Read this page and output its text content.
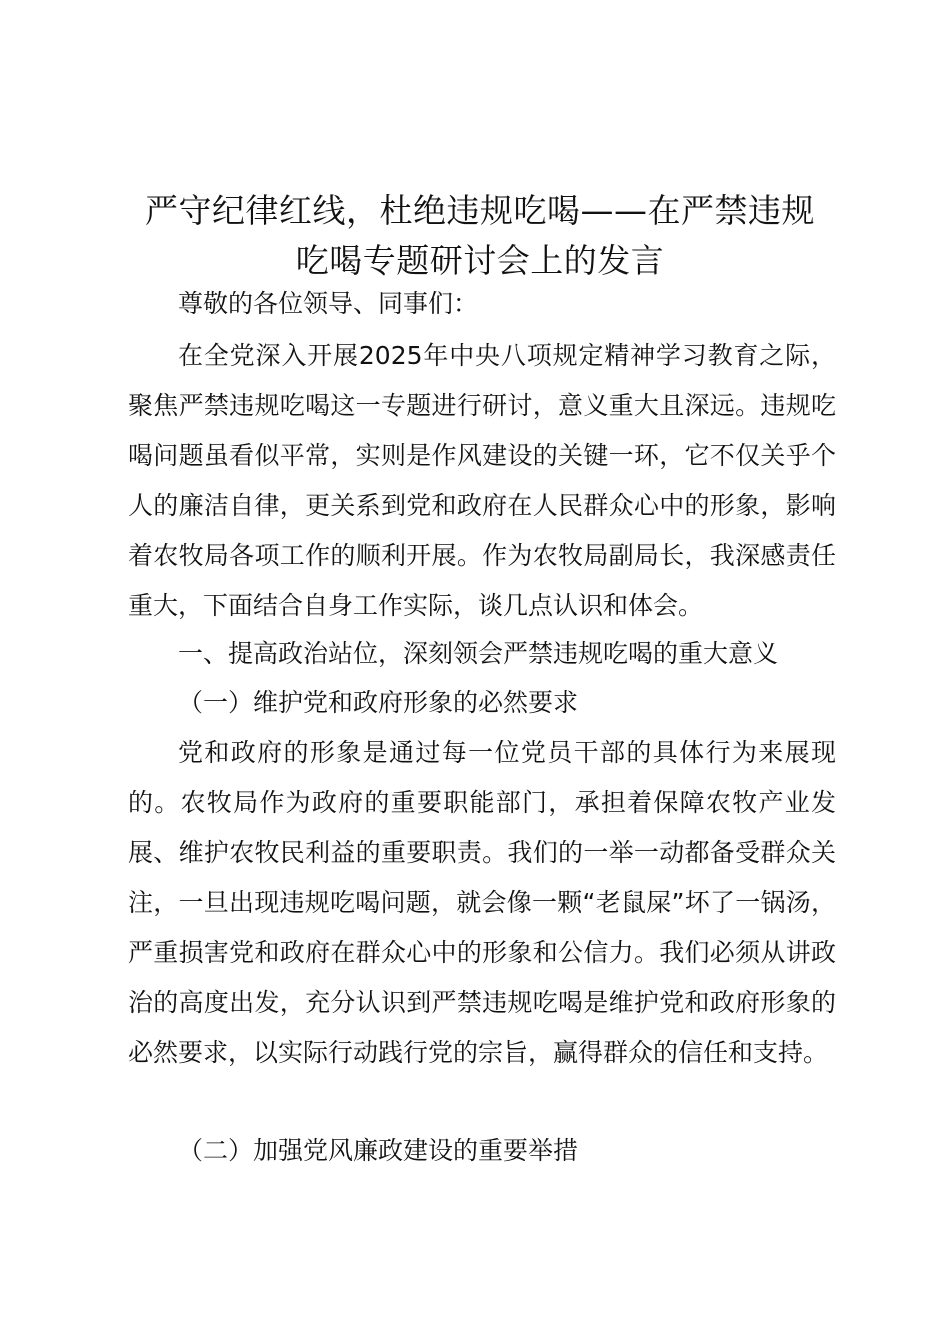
严守纪律红线，杜绝违规吃喝——在严禁违规
吃喝专题研讨会上的发言

尊敬的各位领导、同事们：

在全党深入开展2025年中央八项规定精神学习教育之际，聚焦严禁违规吃喝这一专题进行研讨，意义重大且深远。违规吃喝问题虽看似平常，实则是作风建设的关键一环，它不仅关乎个人的廉洁自律，更关系到党和政府在人民群众心中的形象，影响着农牧局各项工作的顺利开展。作为农牧局副局长，我深感责任重大，下面结合自身工作实际，谈几点认识和体会。

一、提高政治站位，深刻领会严禁违规吃喝的重大意义

（一）维护党和政府形象的必然要求

党和政府的形象是通过每一位党员干部的具体行为来展现的。农牧局作为政府的重要职能部门，承担着保障农牧产业发展、维护农牧民利益的重要职责。我们的一举一动都备受群众关注，一旦出现违规吃喝问题，就会像一颗“老鼠屎”坏了一锅汤，严重损害党和政府在群众心中的形象和公信力。我们必须从讲政治的高度出发，充分认识到严禁违规吃喝是维护党和政府形象的必然要求，以实际行动践行党的宗旨，赢得群众的信任和支持。

（二）加强党风廉政建设的重要举措
